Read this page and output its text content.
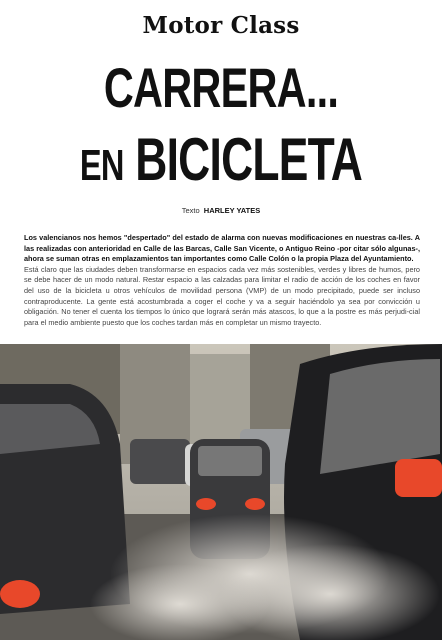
Motor Class
CARRERA...
EN BICICLETA
Texto HARLEY YATES
Los valencianos nos hemos "despertado" del estado de alarma con nuevas modificaciones en nuestras ca-lles. A las realizadas con anterioridad en Calle de las Barcas, Calle San Vicente, o Antiguo Reino -por citar sólo algunas-, ahora se suman otras en emplazamientos tan importantes como Calle Colón o la propia Plaza del Ayuntamiento.
Está claro que las ciudades deben transformarse en espacios cada vez más sostenibles, verdes y libres de humos, pero se debe hacer de un modo natural. Restar espacio a las calzadas para limitar el radio de acción de los coches en favor del uso de la bicicleta u otros vehículos de movilidad persona (VMP) de un modo precipitado, puede ser incluso contraproducente. La gente está acostumbrada a coger el coche y va a seguir haciéndolo ya sea por convicción u obligación. No tener el cuenta los tiempos lo único que logrará serán más atascos, lo que a la postre es más perjudi-cial para el medio ambiente puesto que los coches tardan más en completar un mismo trayecto.
